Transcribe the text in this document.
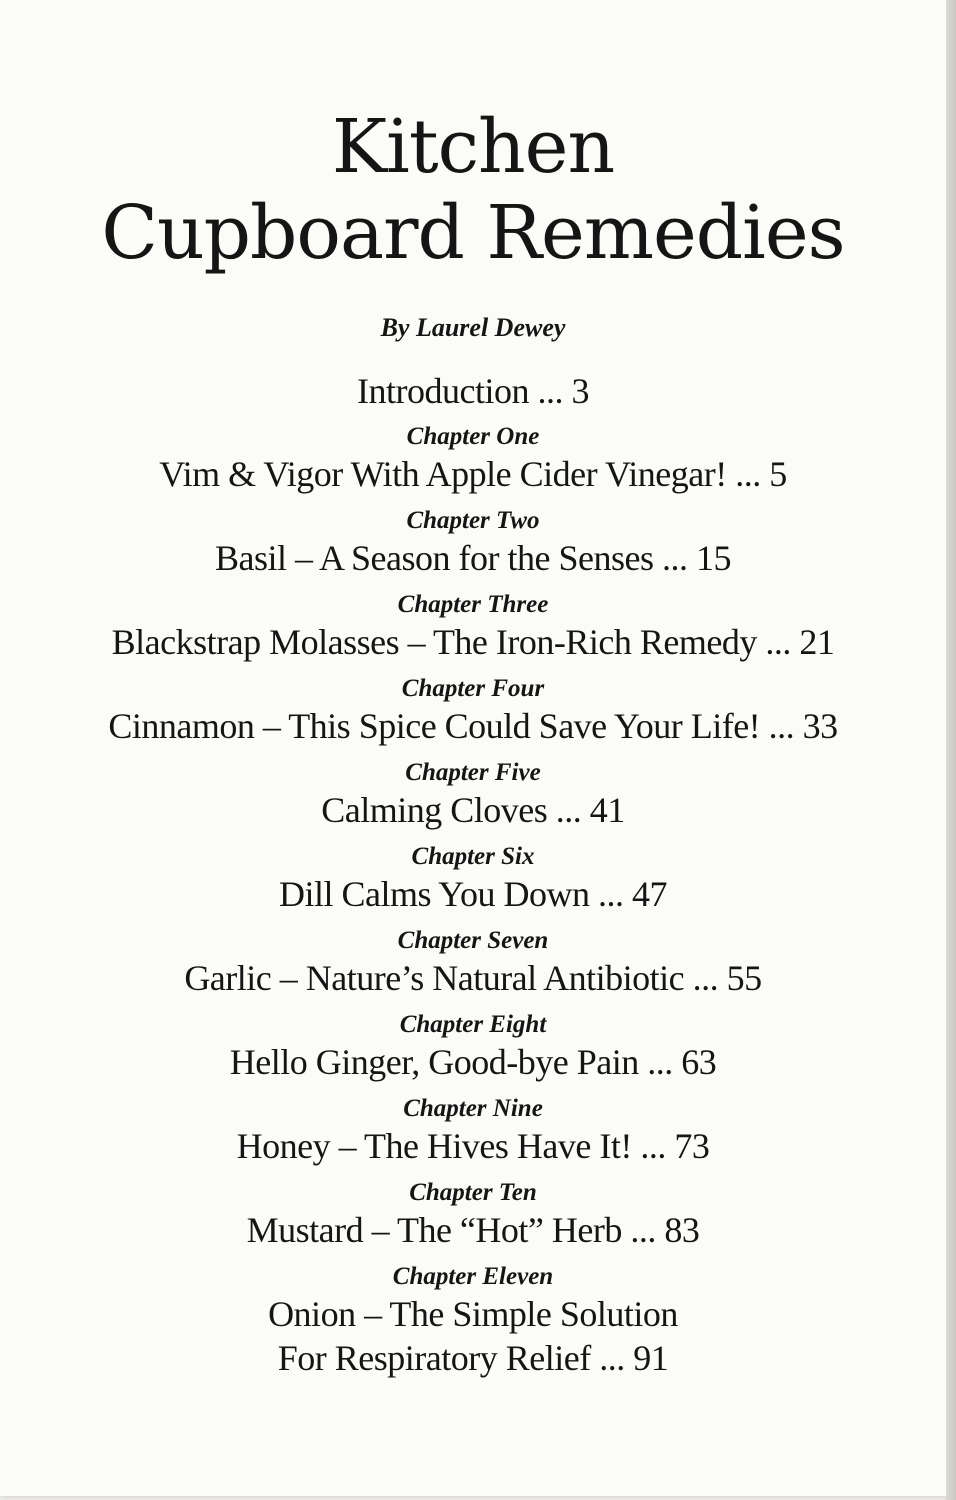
Kitchen
Cupboard Remedies
By Laurel Dewey
Introduction ... 3
Chapter One
Vim & Vigor With Apple Cider Vinegar! ... 5
Chapter Two
Basil – A Season for the Senses ... 15
Chapter Three
Blackstrap Molasses – The Iron-Rich Remedy ... 21
Chapter Four
Cinnamon – This Spice Could Save Your Life! ... 33
Chapter Five
Calming Cloves ... 41
Chapter Six
Dill Calms You Down ... 47
Chapter Seven
Garlic – Nature’s Natural Antibiotic ... 55
Chapter Eight
Hello Ginger, Good-bye Pain ... 63
Chapter Nine
Honey – The Hives Have It! ... 73
Chapter Ten
Mustard – The “Hot” Herb ... 83
Chapter Eleven
Onion – The Simple Solution
For Respiratory Relief ... 91
